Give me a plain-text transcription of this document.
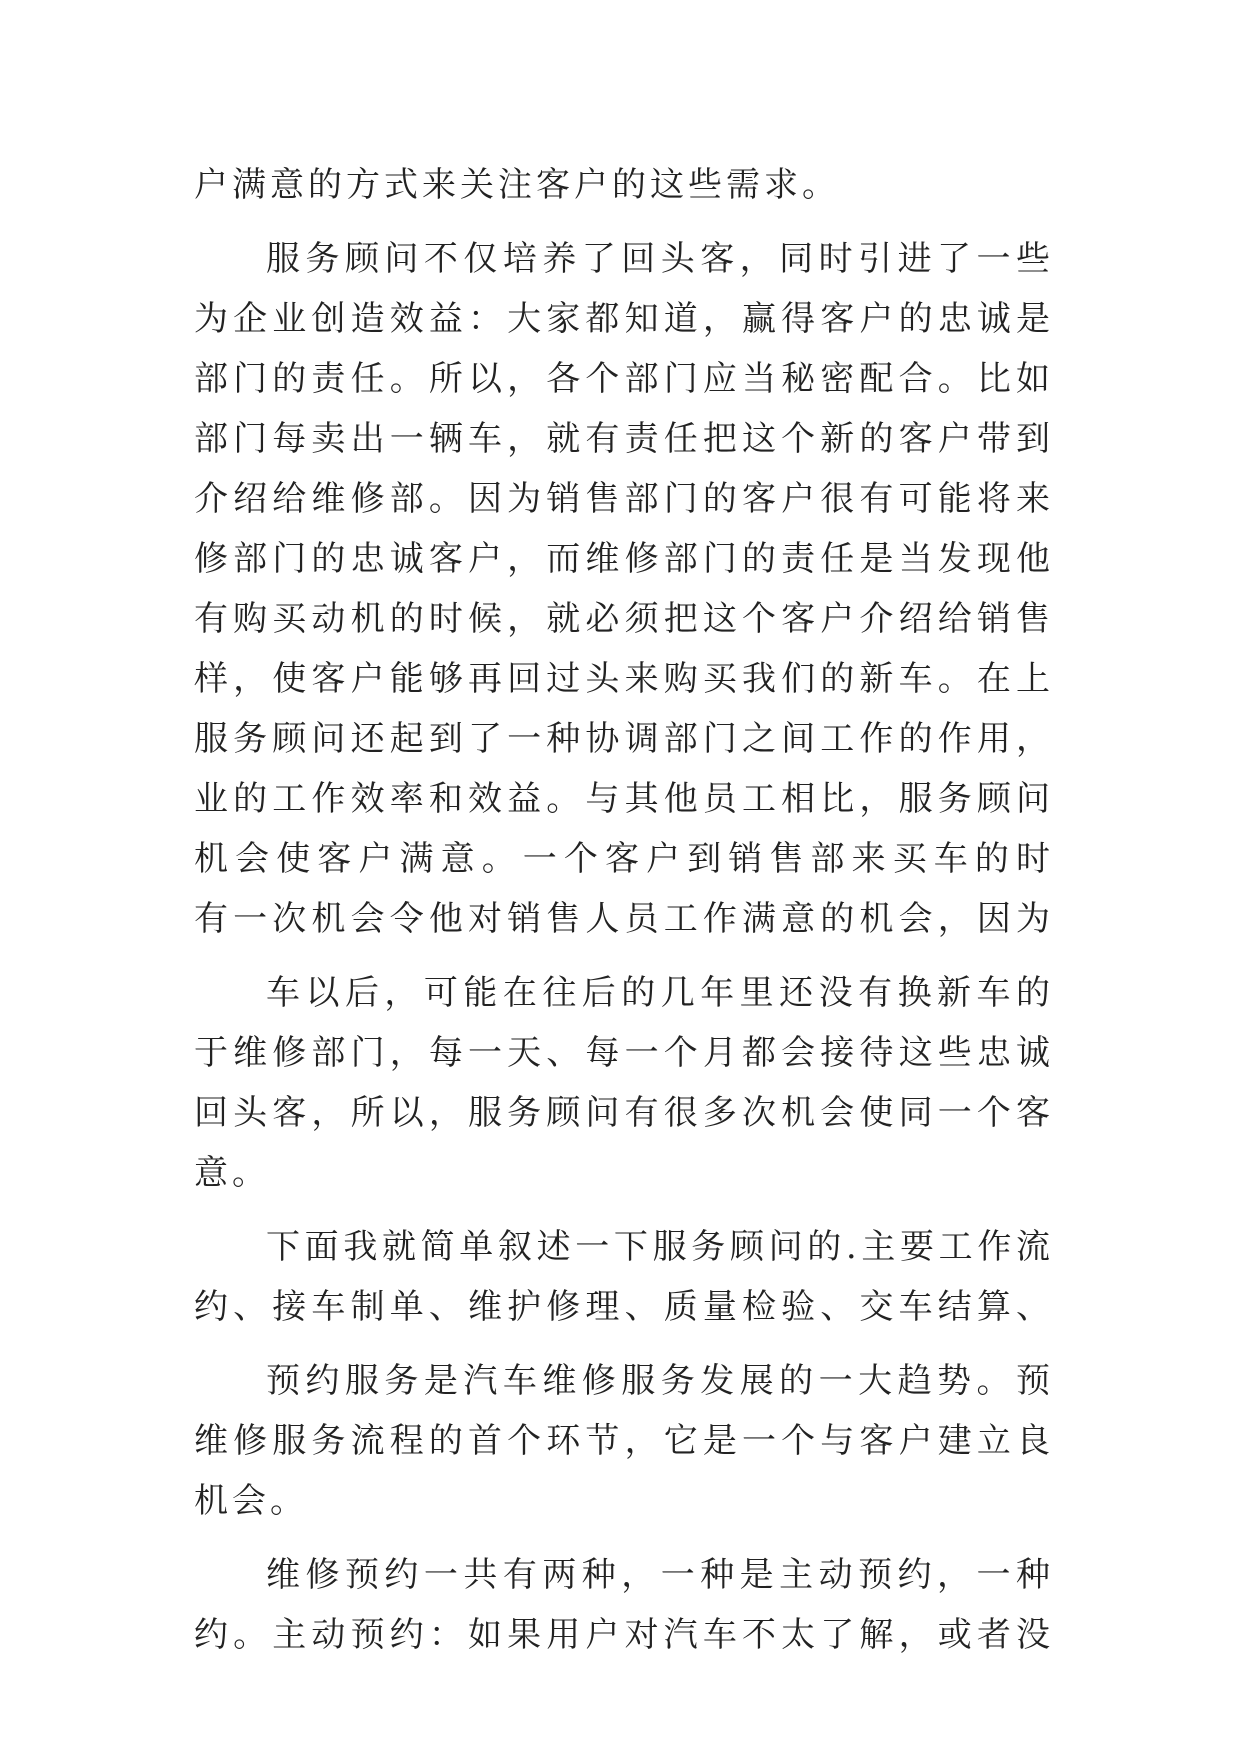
户满意的方式来关注客户的这些需求。
服务顾问不仅培养了回头客，同时引进了一些
为企业创造效益：大家都知道，赢得客户的忠诚是
部门的责任。所以，各个部门应当秘密配合。比如
部门每卖出一辆车，就有责任把这个新的客户带到
介绍给维修部。因为销售部门的客户很有可能将来
修部门的忠诚客户，而维修部门的责任是当发现他
有购买动机的时候，就必须把这个客户介绍给销售
样，使客户能够再回过头来购买我们的新车。在上
服务顾问还起到了一种协调部门之间工作的作用，
业的工作效率和效益。与其他员工相比，服务顾问
机会使客户满意。一个客户到销售部来买车的时
有一次机会令他对销售人员工作满意的机会，因为
车以后，可能在往后的几年里还没有换新车的
于维修部门，每一天、每一个月都会接待这些忠诚
回头客，所以，服务顾问有很多次机会使同一个客
意。
下面我就简单叙述一下服务顾问的.主要工作流
约、接车制单、维护修理、质量检验、交车结算、
预约服务是汽车维修服务发展的一大趋势。预
维修服务流程的首个环节，它是一个与客户建立良
机会。
维修预约一共有两种，一种是主动预约，一种
约。主动预约：如果用户对汽车不太了解，或者没
